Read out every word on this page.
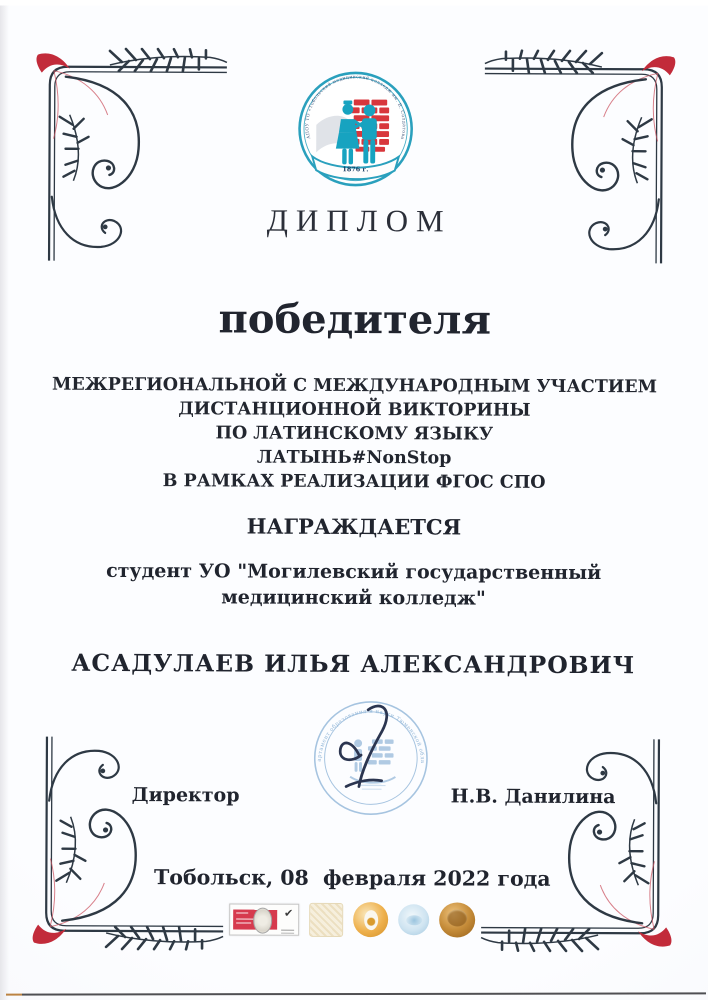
ГАПОУ ТО «Тобольский медицинский колледж им. В. Солдатова»
1876 г.
ДИПЛОМ
победителя
МЕЖРЕГИОНАЛЬНОЙ С МЕЖДУНАРОДНЫМ УЧАСТИЕМ
ДИСТАНЦИОННОЙ ВИКТОРИНЫ
ПО ЛАТИНСКОМУ ЯЗЫКУ
ЛАТЫНЬ#NonStop
В РАМКАХ РЕАЛИЗАЦИИ ФГОС СПО
НАГРАЖДАЕТСЯ
студент УО "Могилевский государственный медицинский колледж"
АСАДУЛАЕВ ИЛЬЯ АЛЕКСАНДРОВИЧ
Директор	Н.В. Данилина
• Департамент образования и науки Тюменской области •
Тобольск, 08  февраля 2022 года
✔
